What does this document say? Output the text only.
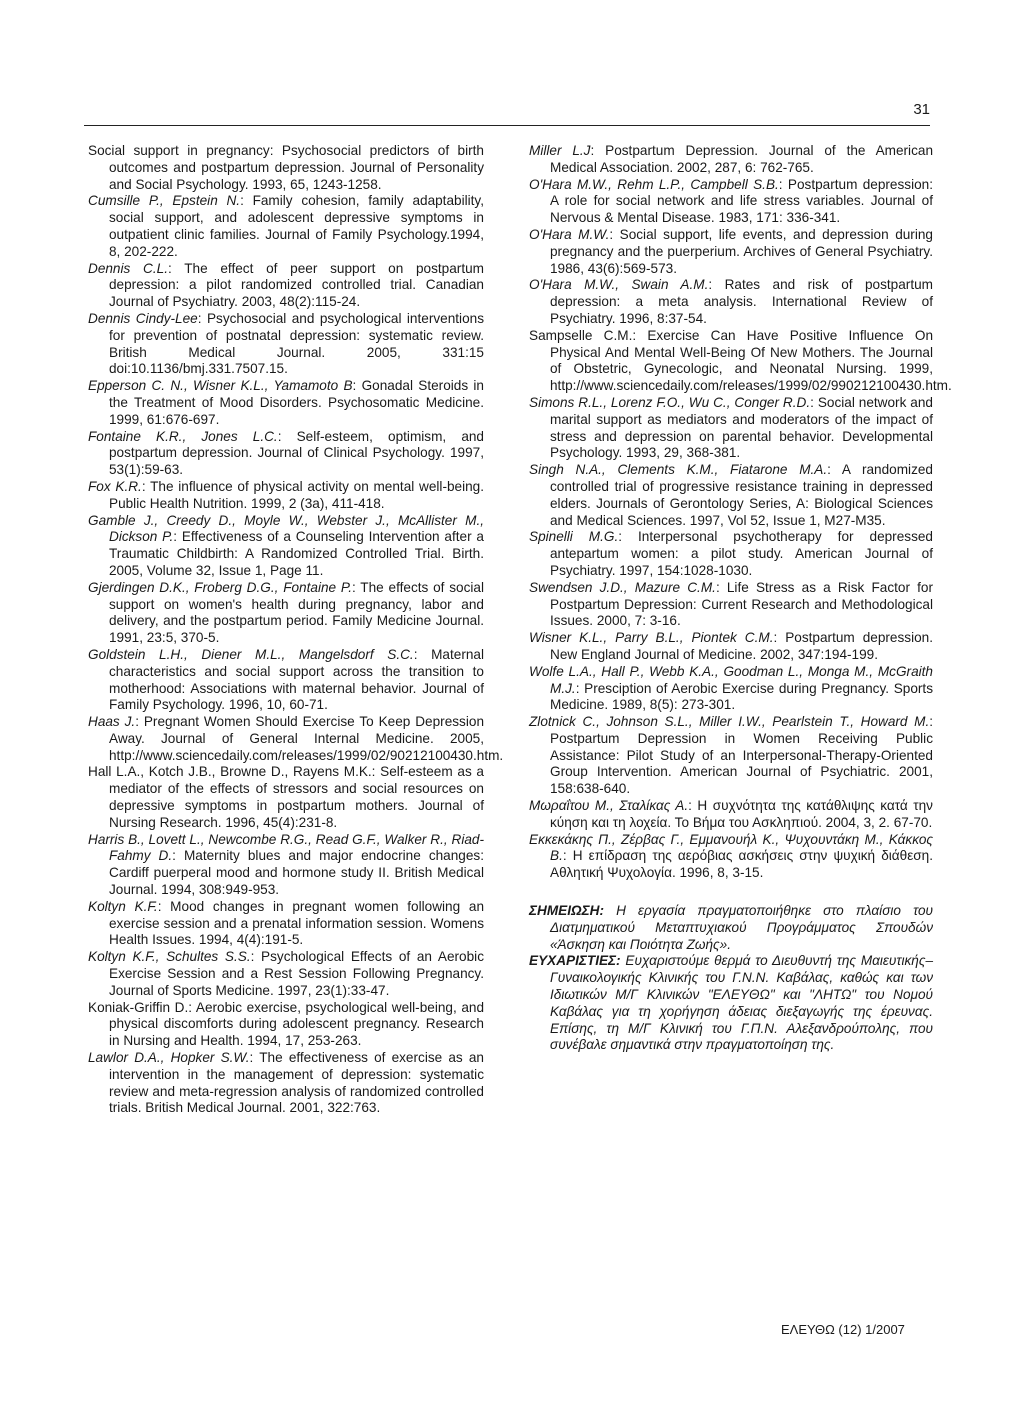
31

Social support in pregnancy: Psychosocial predictors of birth outcomes and postpartum depression. Journal of Personality and Social Psychology. 1993, 65, 1243-1258.

Cumsille P., Epstein N.: Family cohesion, family adaptability, social support, and adolescent depressive symptoms in outpatient clinic families. Journal of Family Psychology.1994, 8, 202-222.

Dennis C.L.: The effect of peer support on postpartum depression: a pilot randomized controlled trial. Canadian Journal of Psychiatry. 2003, 48(2):115-24.

Dennis Cindy-Lee: Psychosocial and psychological interventions for prevention of postnatal depression: systematic review. British Medical Journal. 2005, 331:15 doi:10.1136/bmj.331.7507.15.

Epperson C. N., Wisner K.L., Yamamoto B: Gonadal Steroids in the Treatment of Mood Disorders. Psychosomatic Medicine. 1999, 61:676-697.

Fontaine K.R., Jones L.C.: Self-esteem, optimism, and postpartum depression. Journal of Clinical Psychology. 1997, 53(1):59-63.

Fox K.R.: The influence of physical activity on mental well-being. Public Health Nutrition. 1999, 2 (3a), 411-418.

Gamble J., Creedy D., Moyle W., Webster J., McAllister M., Dickson P.: Effectiveness of a Counseling Intervention after a Traumatic Childbirth: A Randomized Controlled Trial. Birth. 2005, Volume 32, Issue 1, Page 11.

Gjerdingen D.K., Froberg D.G., Fontaine P.: The effects of social support on women's health during pregnancy, labor and delivery, and the postpartum period. Family Medicine Journal. 1991, 23:5, 370-5.

Goldstein L.H., Diener M.L., Mangelsdorf S.C.: Maternal characteristics and social support across the transition to motherhood: Associations with maternal behavior. Journal of Family Psychology. 1996, 10, 60-71.

Haas J.: Pregnant Women Should Exercise To Keep Depression Away. Journal of General Internal Medicine. 2005, http://www.sciencedaily.com/releases/1999/02/90212100430.htm.

Hall L.A., Kotch J.B., Browne D., Rayens M.K.: Self-esteem as a mediator of the effects of stressors and social resources on depressive symptoms in postpartum mothers. Journal of Nursing Research. 1996, 45(4):231-8.

Harris B., Lovett L., Newcombe R.G., Read G.F., Walker R., Riad-Fahmy D.: Maternity blues and major endocrine changes: Cardiff puerperal mood and hormone study II. British Medical Journal. 1994, 308:949-953.

Koltyn K.F.: Mood changes in pregnant women following an exercise session and a prenatal information session. Womens Health Issues. 1994, 4(4):191-5.

Koltyn K.F., Schultes S.S.: Psychological Effects of an Aerobic Exercise Session and a Rest Session Following Pregnancy. Journal of Sports Medicine. 1997, 23(1):33-47.

Koniak-Griffin D.: Aerobic exercise, psychological well-being, and physical discomforts during adolescent pregnancy. Research in Nursing and Health. 1994, 17, 253-263.

Lawlor D.A., Hopker S.W.: The effectiveness of exercise as an intervention in the management of depression: systematic review and meta-regression analysis of randomized controlled trials. British Medical Journal. 2001, 322:763.

Miller L.J: Postpartum Depression. Journal of the American Medical Association. 2002, 287, 6: 762-765.

O'Hara M.W., Rehm L.P., Campbell S.B.: Postpartum depression: A role for social network and life stress variables. Journal of Nervous & Mental Disease. 1983, 171: 336-341.

O'Hara M.W.: Social support, life events, and depression during pregnancy and the puerperium. Archives of General Psychiatry. 1986, 43(6):569-573.

O'Hara M.W., Swain A.M.: Rates and risk of postpartum depression: a meta analysis. International Review of Psychiatry. 1996, 8:37-54.

Sampselle C.M.: Exercise Can Have Positive Influence On Physical And Mental Well-Being Of New Mothers. The Journal of Obstetric, Gynecologic, and Neonatal Nursing. 1999, http://www.sciencedaily.com/releases/1999/02/990212100430.htm.

Simons R.L., Lorenz F.O., Wu C., Conger R.D.: Social network and marital support as mediators and moderators of the impact of stress and depression on parental behavior. Developmental Psychology. 1993, 29, 368-381.

Singh N.A., Clements K.M., Fiatarone M.A.: A randomized controlled trial of progressive resistance training in depressed elders. Journals of Gerontology Series, A: Biological Sciences and Medical Sciences. 1997, Vol 52, Issue 1, M27-M35.

Spinelli M.G.: Interpersonal psychotherapy for depressed antepartum women: a pilot study. American Journal of Psychiatry. 1997, 154:1028-1030.

Swendsen J.D., Mazure C.M.: Life Stress as a Risk Factor for Postpartum Depression: Current Research and Methodological Issues. 2000, 7: 3-16.

Wisner K.L., Parry B.L., Piontek C.M.: Postpartum depression. New England Journal of Medicine. 2002, 347:194-199.

Wolfe L.A., Hall P., Webb K.A., Goodman L., Monga M., McGraith M.J.: Presciption of Aerobic Exercise during Pregnancy. Sports Medicine. 1989, 8(5): 273-301.

Zlotnick C., Johnson S.L., Miller I.W., Pearlstein T., Howard M.: Postpartum Depression in Women Receiving Public Assistance: Pilot Study of an Interpersonal-Therapy-Oriented Group Intervention. American Journal of Psychiatric. 2001, 158:638-640.

Μωραΐτου Μ., Σταλίκας Α.: Η συχνότητα της κατάθλιψης κατά την κύηση και τη λοχεία. Το Βήμα του Ασκληπιού. 2004, 3, 2. 67-70.

Εκκεκάκης Π., Ζέρβας Γ., Εμμανουήλ Κ., Ψυχουντάκη Μ., Κάκκος Β.: Η επίδραση της αερόβιας ασκήσεις στην ψυχική διάθεση. Αθλητική Ψυχολογία. 1996, 8, 3-15.

ΣΗΜΕΙΩΣΗ: Η εργασία πραγματοποιήθηκε στο πλαίσιο του Διατμηματικού Μεταπτυχιακού Προγράμματος Σπουδών «Άσκηση και Ποιότητα Ζωής».

ΕΥΧΑΡΙΣΤΙΕΣ: Ευχαριστούμε θερμά το Διευθυντή της Μαιευτικής–Γυναικολογικής Κλινικής του Γ.Ν.Ν. Καβάλας, καθώς και των Ιδιωτικών Μ/Γ Κλινικών "ΕΛΕΥΘΩ" και "ΛΗΤΩ" του Νομού Καβάλας για τη χορήγηση άδειας διεξαγωγής της έρευνας. Επίσης, τη Μ/Γ Κλινική του Γ.Π.Ν. Αλεξανδρούπολης, που συνέβαλε σημαντικά στην πραγματοποίηση της.

ΕΛΕΥΘΩ (12) 1/2007
